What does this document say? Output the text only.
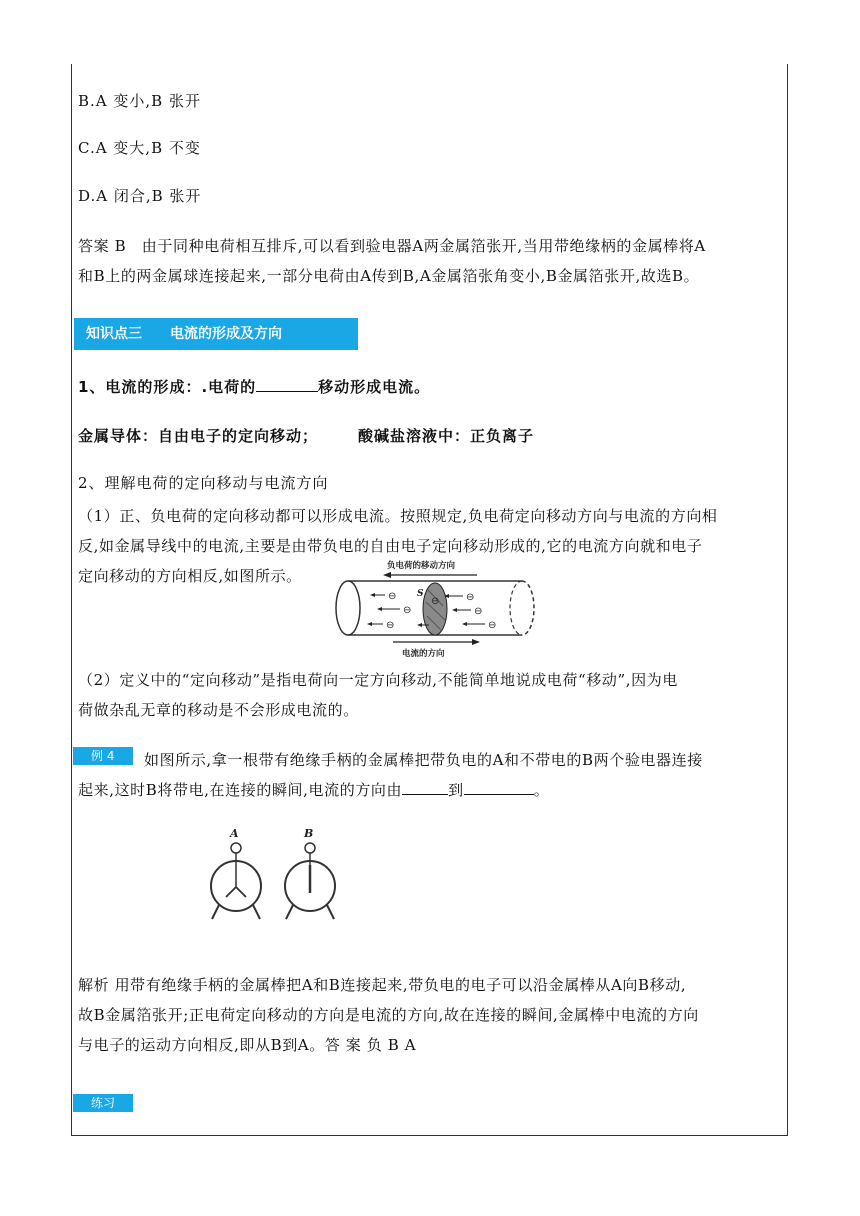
B.A 变小,B 张开
C.A 变大,B 不变
D.A 闭合,B 张开
答案 B　由于同种电荷相互排斥,可以看到验电器A两金属箔张开,当用带绝缘柄的金属棒将A
和B上的两金属球连接起来,一部分电荷由A传到B,A金属箔张角变小,B金属箔张开,故选B。
知识点三　　电流的形成及方向
1、电流的形成：.电荷的	移动形成电流。
金属导体：自由电子的定向移动；	酸碱盐溶液中：正负离子
2、理解电荷的定向移动与电流方向
（1）正、负电荷的定向移动都可以形成电流。按照规定,负电荷定向移动方向与电流的方向相
反,如金属导线中的电流,主要是由带负电的自由电子定向移动形成的,它的电流方向就和电子
定向移动的方向相反,如图所示。
负电荷的移动方向
S
⊖
⊖
⊖
⊖	⊖
⊖
⊖
电流的方向
（2）定义中的“定向移动”是指电荷向一定方向移动,不能简单地说成电荷“移动”,因为电
荷做杂乱无章的移动是不会形成电流的。
例 4	如图所示,拿一根带有绝缘手柄的金属棒把带负电的A和不带电的B两个验电器连接
起来,这时B将带电,在连接的瞬间,电流的方向由	到	。
A	B
解析 用带有绝缘手柄的金属棒把A和B连接起来,带负电的电子可以沿金属棒从A向B移动,
故B金属箔张开;正电荷定向移动的方向是电流的方向,故在连接的瞬间,金属棒中电流的方向
与电子的运动方向相反,即从B到A。答 案 负 B A
练习
